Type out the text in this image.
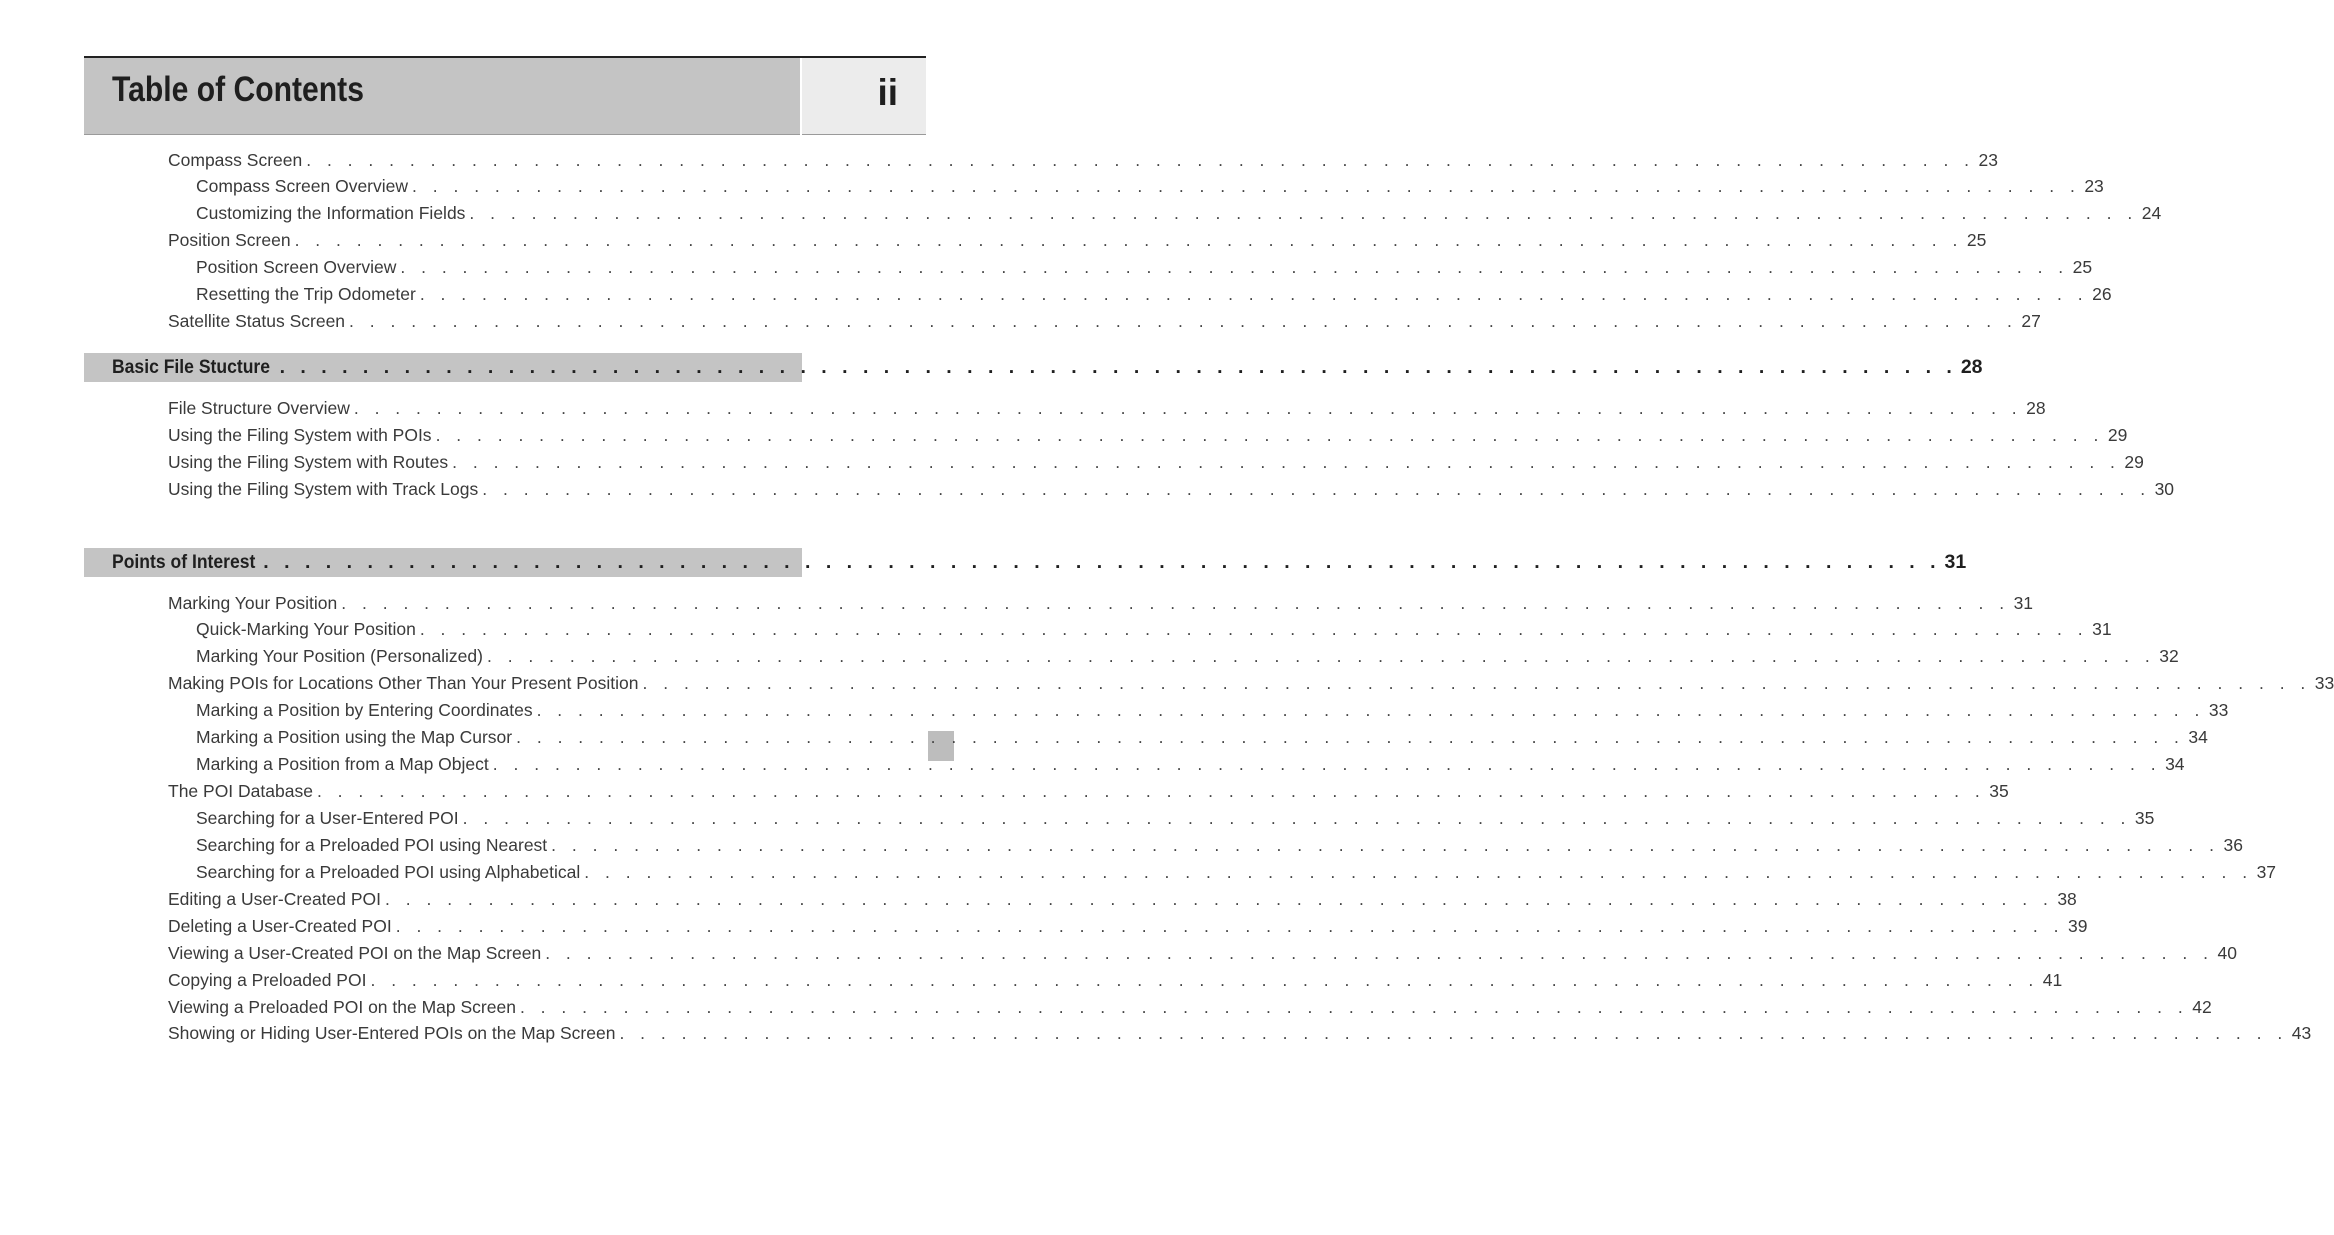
Table of Contents	ii
Compass Screen . . . . . . . . . . . . . . . . . . . . . . . . . . . . . . . . . . . . . . . . . . . . . . . . . . . . . . . . . . . . . . . . . . . . . . . . . . . . . . . . . 23
Compass Screen Overview . . . . . . . . . . . . . . . . . . . . . . . . . . . . . . . . . . . . . . . . . . . . . . . . . . . . . . . . . . . . . . . . . . . . . . . . . . . . . . . . . 23
Customizing the Information Fields . . . . . . . . . . . . . . . . . . . . . . . . . . . . . . . . . . . . . . . . . . . . . . . . . . . . . . . . . . . . . . . . . . . . . . . . . . . . . . . . . 24
Position Screen . . . . . . . . . . . . . . . . . . . . . . . . . . . . . . . . . . . . . . . . . . . . . . . . . . . . . . . . . . . . . . . . . . . . . . . . . . . . . . . . . 25
Position Screen Overview . . . . . . . . . . . . . . . . . . . . . . . . . . . . . . . . . . . . . . . . . . . . . . . . . . . . . . . . . . . . . . . . . . . . . . . . . . . . . . . . . 25
Resetting the Trip Odometer . . . . . . . . . . . . . . . . . . . . . . . . . . . . . . . . . . . . . . . . . . . . . . . . . . . . . . . . . . . . . . . . . . . . . . . . . . . . . . . . . 26
Satellite Status Screen . . . . . . . . . . . . . . . . . . . . . . . . . . . . . . . . . . . . . . . . . . . . . . . . . . . . . . . . . . . . . . . . . . . . . . . . . . . . . . . . . 27
Basic File Stucture . . . . . . . . . . . . . . . . . . . . . . . . . . . . . . . . . . . . . . . . . . . . . . . . . . . . . . . . . . . . . . . . . . . . . . . . . . . . . . . . . 28
File Structure Overview . . . . . . . . . . . . . . . . . . . . . . . . . . . . . . . . . . . . . . . . . . . . . . . . . . . . . . . . . . . . . . . . . . . . . . . . . . . . . . . . . 28
Using the Filing System with POIs . . . . . . . . . . . . . . . . . . . . . . . . . . . . . . . . . . . . . . . . . . . . . . . . . . . . . . . . . . . . . . . . . . . . . . . . . . . . . . . . . 29
Using the Filing System with Routes . . . . . . . . . . . . . . . . . . . . . . . . . . . . . . . . . . . . . . . . . . . . . . . . . . . . . . . . . . . . . . . . . . . . . . . . . . . . . . . . . 29
Using the Filing System with Track Logs . . . . . . . . . . . . . . . . . . . . . . . . . . . . . . . . . . . . . . . . . . . . . . . . . . . . . . . . . . . . . . . . . . . . . . . . . . . . . . . . . 30
Points of Interest . . . . . . . . . . . . . . . . . . . . . . . . . . . . . . . . . . . . . . . . . . . . . . . . . . . . . . . . . . . . . . . . . . . . . . . . . . . . . . . . . 31
Marking Your Position . . . . . . . . . . . . . . . . . . . . . . . . . . . . . . . . . . . . . . . . . . . . . . . . . . . . . . . . . . . . . . . . . . . . . . . . . . . . . . . . . 31
Quick-Marking Your Position . . . . . . . . . . . . . . . . . . . . . . . . . . . . . . . . . . . . . . . . . . . . . . . . . . . . . . . . . . . . . . . . . . . . . . . . . . . . . . . . . 31
Marking Your Position (Personalized) . . . . . . . . . . . . . . . . . . . . . . . . . . . . . . . . . . . . . . . . . . . . . . . . . . . . . . . . . . . . . . . . . . . . . . . . . . . . . . . . . 32
Making POIs for Locations Other Than Your Present Position . . . . . . . . . . . . . . . . . . . . . . . . . . . . . . . . . . . . . . . . . . . . . . . . . . . . . . . . . . . . . . . . . . . . . . . . . . . . . . . . . 33
Marking a Position by Entering Coordinates . . . . . . . . . . . . . . . . . . . . . . . . . . . . . . . . . . . . . . . . . . . . . . . . . . . . . . . . . . . . . . . . . . . . . . . . . . . . . . . . . 33
Marking a Position using the Map Cursor . . . . . . . . . . . . . . . . . . . . . . . . . . . . . . . . . . . . . . . . . . . . . . . . . . . . . . . . . . . . . . . . . . . . . . . . . . . . . . . . . 34
Marking a Position from a Map Object . . . . . . . . . . . . . . . . . . . . . . . . . . . . . . . . . . . . . . . . . . . . . . . . . . . . . . . . . . . . . . . . . . . . . . . . . . . . . . . . . 34
The POI Database . . . . . . . . . . . . . . . . . . . . . . . . . . . . . . . . . . . . . . . . . . . . . . . . . . . . . . . . . . . . . . . . . . . . . . . . . . . . . . . . . 35
Searching for a User-Entered POI . . . . . . . . . . . . . . . . . . . . . . . . . . . . . . . . . . . . . . . . . . . . . . . . . . . . . . . . . . . . . . . . . . . . . . . . . . . . . . . . . 35
Searching for a Preloaded POI using Nearest . . . . . . . . . . . . . . . . . . . . . . . . . . . . . . . . . . . . . . . . . . . . . . . . . . . . . . . . . . . . . . . . . . . . . . . . . . . . . . . . . 36
Searching for a Preloaded POI using Alphabetical . . . . . . . . . . . . . . . . . . . . . . . . . . . . . . . . . . . . . . . . . . . . . . . . . . . . . . . . . . . . . . . . . . . . . . . . . . . . . . . . . 37
Editing a User-Created POI . . . . . . . . . . . . . . . . . . . . . . . . . . . . . . . . . . . . . . . . . . . . . . . . . . . . . . . . . . . . . . . . . . . . . . . . . . . . . . . . . 38
Deleting a User-Created POI . . . . . . . . . . . . . . . . . . . . . . . . . . . . . . . . . . . . . . . . . . . . . . . . . . . . . . . . . . . . . . . . . . . . . . . . . . . . . . . . . 39
Viewing a User-Created POI on the Map Screen . . . . . . . . . . . . . . . . . . . . . . . . . . . . . . . . . . . . . . . . . . . . . . . . . . . . . . . . . . . . . . . . . . . . . . . . . . . . . . . . . 40
Copying a Preloaded POI . . . . . . . . . . . . . . . . . . . . . . . . . . . . . . . . . . . . . . . . . . . . . . . . . . . . . . . . . . . . . . . . . . . . . . . . . . . . . . . . . 41
Viewing a Preloaded POI on the Map Screen . . . . . . . . . . . . . . . . . . . . . . . . . . . . . . . . . . . . . . . . . . . . . . . . . . . . . . . . . . . . . . . . . . . . . . . . . . . . . . . . . 42
Showing or Hiding User-Entered POIs on the Map Screen . . . . . . . . . . . . . . . . . . . . . . . . . . . . . . . . . . . . . . . . . . . . . . . . . . . . . . . . . . . . . . . . . . . . . . . . . . . . . . . . . 43
